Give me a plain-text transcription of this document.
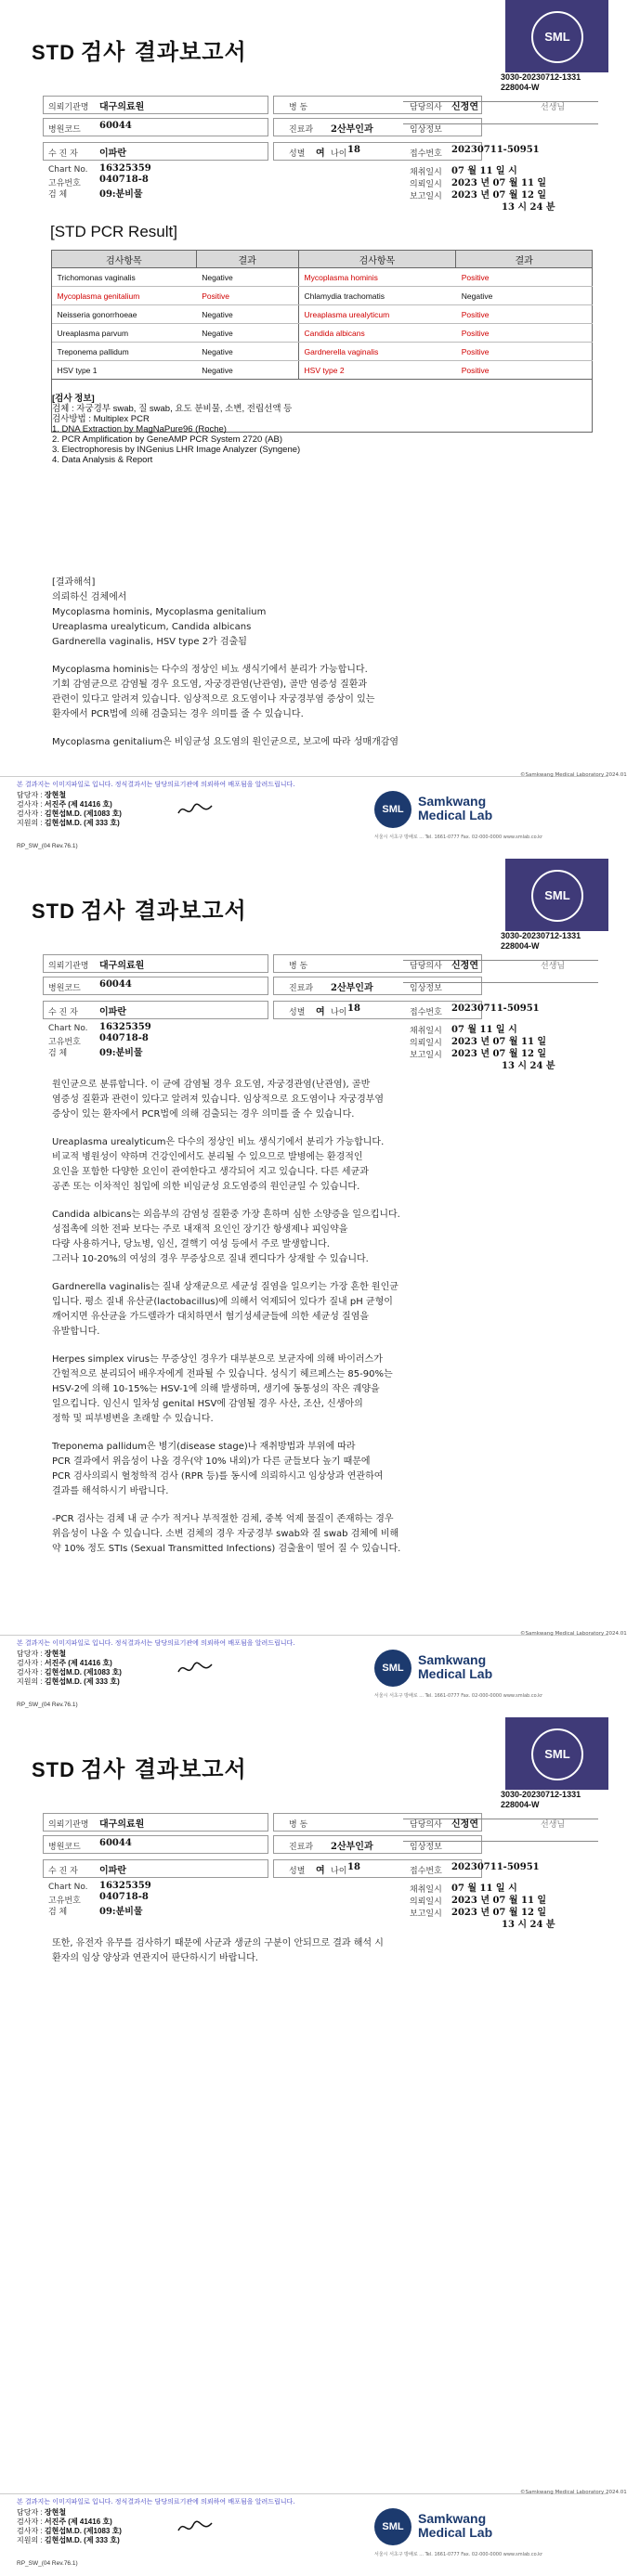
STD 검사 결과보고서
SML
3030-20230712-1331
228004-W
의뢰기관명 대구의료원
병원코드 60044
병 동
진료과 2산부인과
담당의사 신정연	선생님
임상정보
수 진 자 이파란	성별 여 나이 18	접수번호 20230711-50951
Chart No. 16325359
고유번호 040718-8
검 체	09:분비물
채취일시 07 월 11 일 시
의뢰일시 2023 년 07 월 11 일
보고일시 2023 년 07 월 12 일
13 시 24 분
[STD PCR Result]
검사항목	결과	검사항목	결과
Trichomonas vaginalis	Negative	Mycoplasma hominis	Positive
Mycoplasma genitalium	Positive	Chlamydia trachomatis	Negative
Neisseria gonorrhoeae	Negative	Ureaplasma urealyticum	Positive
Ureaplasma parvum	Negative	Candida albicans	Positive
Treponema pallidum	Negative	Gardnerella vaginalis	Positive
HSV type 1	Negative	HSV type 2	Positive
[검사 정보]
검체 : 자궁경부 swab, 질 swab, 요도 분비물, 소변, 전립선액 등
검사방법 : Multiplex PCR
1. DNA Extraction by MagNaPure96 (Roche)
2. PCR Amplification by GeneAMP PCR System 2720 (AB)
3. Electrophoresis by INGenius LHR Image Analyzer (Syngene)
4. Data Analysis & Report

[결과해석]

의뢰하신 검체에서
Mycoplasma hominis, Mycoplasma genitalium
Ureaplasma urealyticum, Candida albicans
Gardnerella vaginalis, HSV type 2가 검출됨

Mycoplasma hominis는 다수의 정상인 비뇨 생식기에서 분리가 가능합니다.
기회 감염균으로 감염될 경우 요도염, 자궁경관염(난관염), 골반 염증성 질환과
관련이 있다고 알려져 있습니다. 임상적으로 요도염이나 자궁경부염 증상이 있는
환자에서 PCR법에 의해 검출되는 경우 의미를 줄 수 있습니다.

Mycoplasma genitalium은 비임균성 요도염의 원인균으로, 보고에 따라 성매개감염

본 결과지는 이미지파일로 입니다. 정식결과서는 담당의료기관에 의뢰하여 배포됨을 알려드립니다.
©Samkwang Medical Laboratory 2024.01
담당자 : 장현철
검사자 : 서진주 (제 41416 호)
검사자 : 김현섭M.D. (제1083 호)
지원의 : 김현섭M.D. (제 333 호)
SML
Samkwang
Medical Lab
서울시 서초구 방배로 ... Tel. 1661-0777 Fax. 02-000-0000 www.smlab.co.kr
RP_SW_(04 Rev.76.1)
STD 검사 결과보고서
SML
3030-20230712-1331
228004-W
의뢰기관명 대구의료원
병원코드 60044
병 동
진료과 2산부인과
담당의사 신정연	선생님
임상정보
수 진 자 이파란	성별 여 나이 18	접수번호 20230711-50951
Chart No. 16325359
고유번호 040718-8
검 체	09:분비물
채취일시 07 월 11 일 시
의뢰일시 2023 년 07 월 11 일
보고일시 2023 년 07 월 12 일
13 시 24 분

원인균으로 분류합니다. 이 균에 감염될 경우 요도염, 자궁경관염(난관염), 골반
염증성 질환과 관련이 있다고 알려져 있습니다. 임상적으로 요도염이나 자궁경부염
증상이 있는 환자에서 PCR법에 의해 검출되는 경우 의미를 줄 수 있습니다.

Ureaplasma urealyticum은 다수의 정상인 비뇨 생식기에서 분리가 가능합니다.
비교적 병원성이 약하며 건강인에서도 분리될 수 있으므로 발병에는 환경적인
요인을 포함한 다양한 요인이 관여한다고 생각되어 지고 있습니다. 다른 세균과
공존 또는 이차적인 침입에 의한 비임균성 요도염증의 원인균일 수 있습니다.

Candida albicans는 외음부의 감염성 질환중 가장 흔하며 심한 소양증을 일으킵니다.
성접촉에 의한 전파 보다는 주로 내재적 요인인 장기간 항생제나 피임약을
다량 사용하거나, 당뇨병, 임신, 결핵기 여성 등에서 주로 발생합니다.
그러나 10-20%의 여성의 경우 무증상으로 질내 켄디다가 상재할 수 있습니다.

Gardnerella vaginalis는 질내 상재균으로 세균성 질염을 일으키는 가장 흔한 원인균
입니다. 평소 질내 유산균(lactobacillus)에 의해서 억제되어 있다가 질내 pH 균형이
깨어지면 유산균을 가드렐라가 대치하면서 혐기성세균들에 의한 세균성 질염을
유발합니다.

Herpes simplex virus는 무증상인 경우가 대부분으로 보균자에 의해 바이러스가
간헐적으로 분리되어 배우자에게 전파될 수 있습니다. 성식기 헤르페스는 85-90%는
HSV-2에 의해 10-15%는 HSV-1에 의해 발생하며, 생기에 동통성의 작은 궤양을
일으킵니다. 임신시 일차성 genital HSV에 감염될 경우 사산, 조산, 신생아의
정학 및 피부병변을 초래할 수 있습니다.

Treponema pallidum은 병기(disease stage)나 재취방법과 부위에 따라
PCR 결과에서 위음성이 나올 경우(약 10% 내외)가 다른 균들보다 높기 때문에
PCR 검사의뢰시 혈청학적 검사 (RPR 등)를 동시에 의뢰하시고 임상상과 연관하여
결과를 해석하시기 바랍니다.

-PCR 검사는 검체 내 균 수가 적거나 부적절한 검체, 중복 억제 물질이 존재하는 경우
위음성이 나올 수 있습니다. 소변 검체의 경우 자궁경부 swab와 질 swab 검체에 비해
약 10% 정도 STIs (Sexual Transmitted Infections) 검출율이 떨어 질 수 있습니다.

본 결과지는 이미지파일로 입니다. 정식결과서는 담당의료기관에 의뢰하여 배포됨을 알려드립니다.
©Samkwang Medical Laboratory 2024.01
담당자 : 장현철
검사자 : 서진주 (제 41416 호)
검사자 : 김현섭M.D. (제1083 호)
지원의 : 김현섭M.D. (제 333 호)
SML
Samkwang
Medical Lab
서울시 서초구 방배로 ... Tel. 1661-0777 Fax. 02-000-0000 www.smlab.co.kr
RP_SW_(04 Rev.76.1)
STD 검사 결과보고서
SML
3030-20230712-1331
228004-W
의뢰기관명 대구의료원
병원코드 60044
병 동
진료과 2산부인과
담당의사 신정연	선생님
임상정보
수 진 자 이파란	성별 여 나이 18	접수번호 20230711-50951
Chart No. 16325359
고유번호 040718-8
검 체	09:분비물
채취일시 07 월 11 일 시
의뢰일시 2023 년 07 월 11 일
보고일시 2023 년 07 월 12 일
13 시 24 분

또한, 유전자 유무를 검사하기 때문에 사균과 생균의 구분이 안되므로 결과 해석 시
환자의 임상 양상과 연관지어 판단하시기 바랍니다.

본 결과지는 이미지파일로 입니다. 정식결과서는 담당의료기관에 의뢰하여 배포됨을 알려드립니다.
©Samkwang Medical Laboratory 2024.01
담당자 : 장현철
검사자 : 서진주 (제 41416 호)
검사자 : 김현섭M.D. (제1083 호)
지원의 : 김현섭M.D. (제 333 호)
SML
Samkwang
Medical Lab
서울시 서초구 방배로 ... Tel. 1661-0777 Fax. 02-000-0000 www.smlab.co.kr
RP_SW_(04 Rev.76.1)
